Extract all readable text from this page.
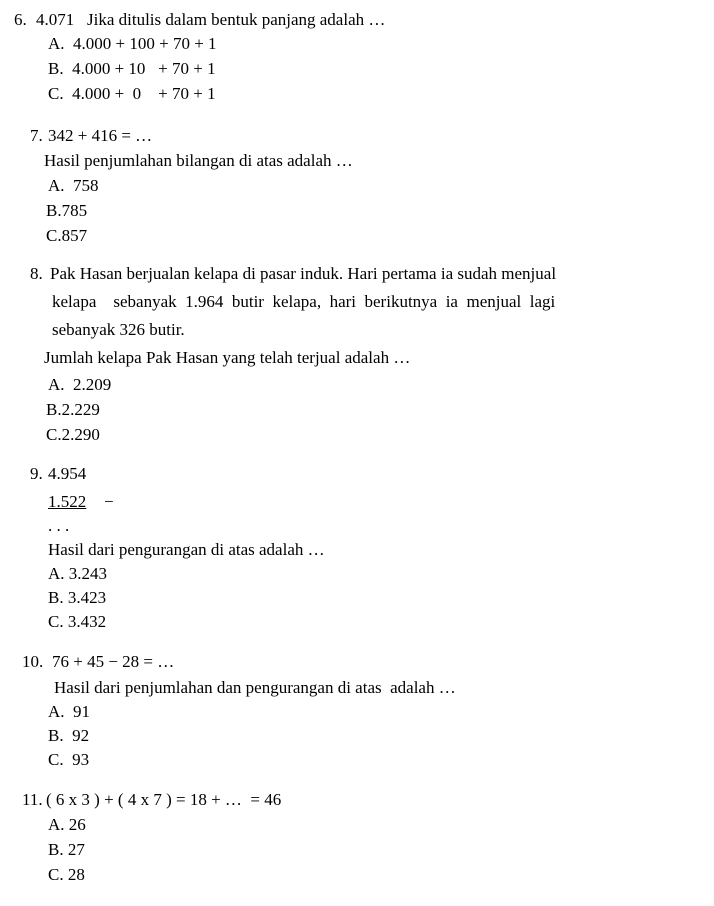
6. 4.071   Jika ditulis dalam bentuk panjang adalah …
A.  4.000 + 100 + 70 + 1
B.  4.000 + 10   + 70 + 1
C.  4.000 +  0    + 70 + 1
7. 342 + 416 = …
Hasil penjumlahan bilangan di atas adalah …
A.  758
B.785
C.857
8. Pak Hasan berjualan kelapa di pasar induk. Hari pertama ia sudah menjual
kelapa    sebanyak  1.964  butir  kelapa,  hari  berikutnya  ia  menjual  lagi
sebanyak 326 butir.
Jumlah kelapa Pak Hasan yang telah terjual adalah …
A.  2.209
B.2.229
C.2.290
9. 4.954
1.522 −
. . .
Hasil dari pengurangan di atas adalah …
A. 3.243
B. 3.423
C. 3.432
10. 76 + 45 − 28 = …
Hasil dari penjumlahan dan pengurangan di atas  adalah …
A.  91
B.  92
C.  93
11. ( 6 x 3 ) + ( 4 x 7 ) = 18 + …  = 46
A. 26
B. 27
C. 28
